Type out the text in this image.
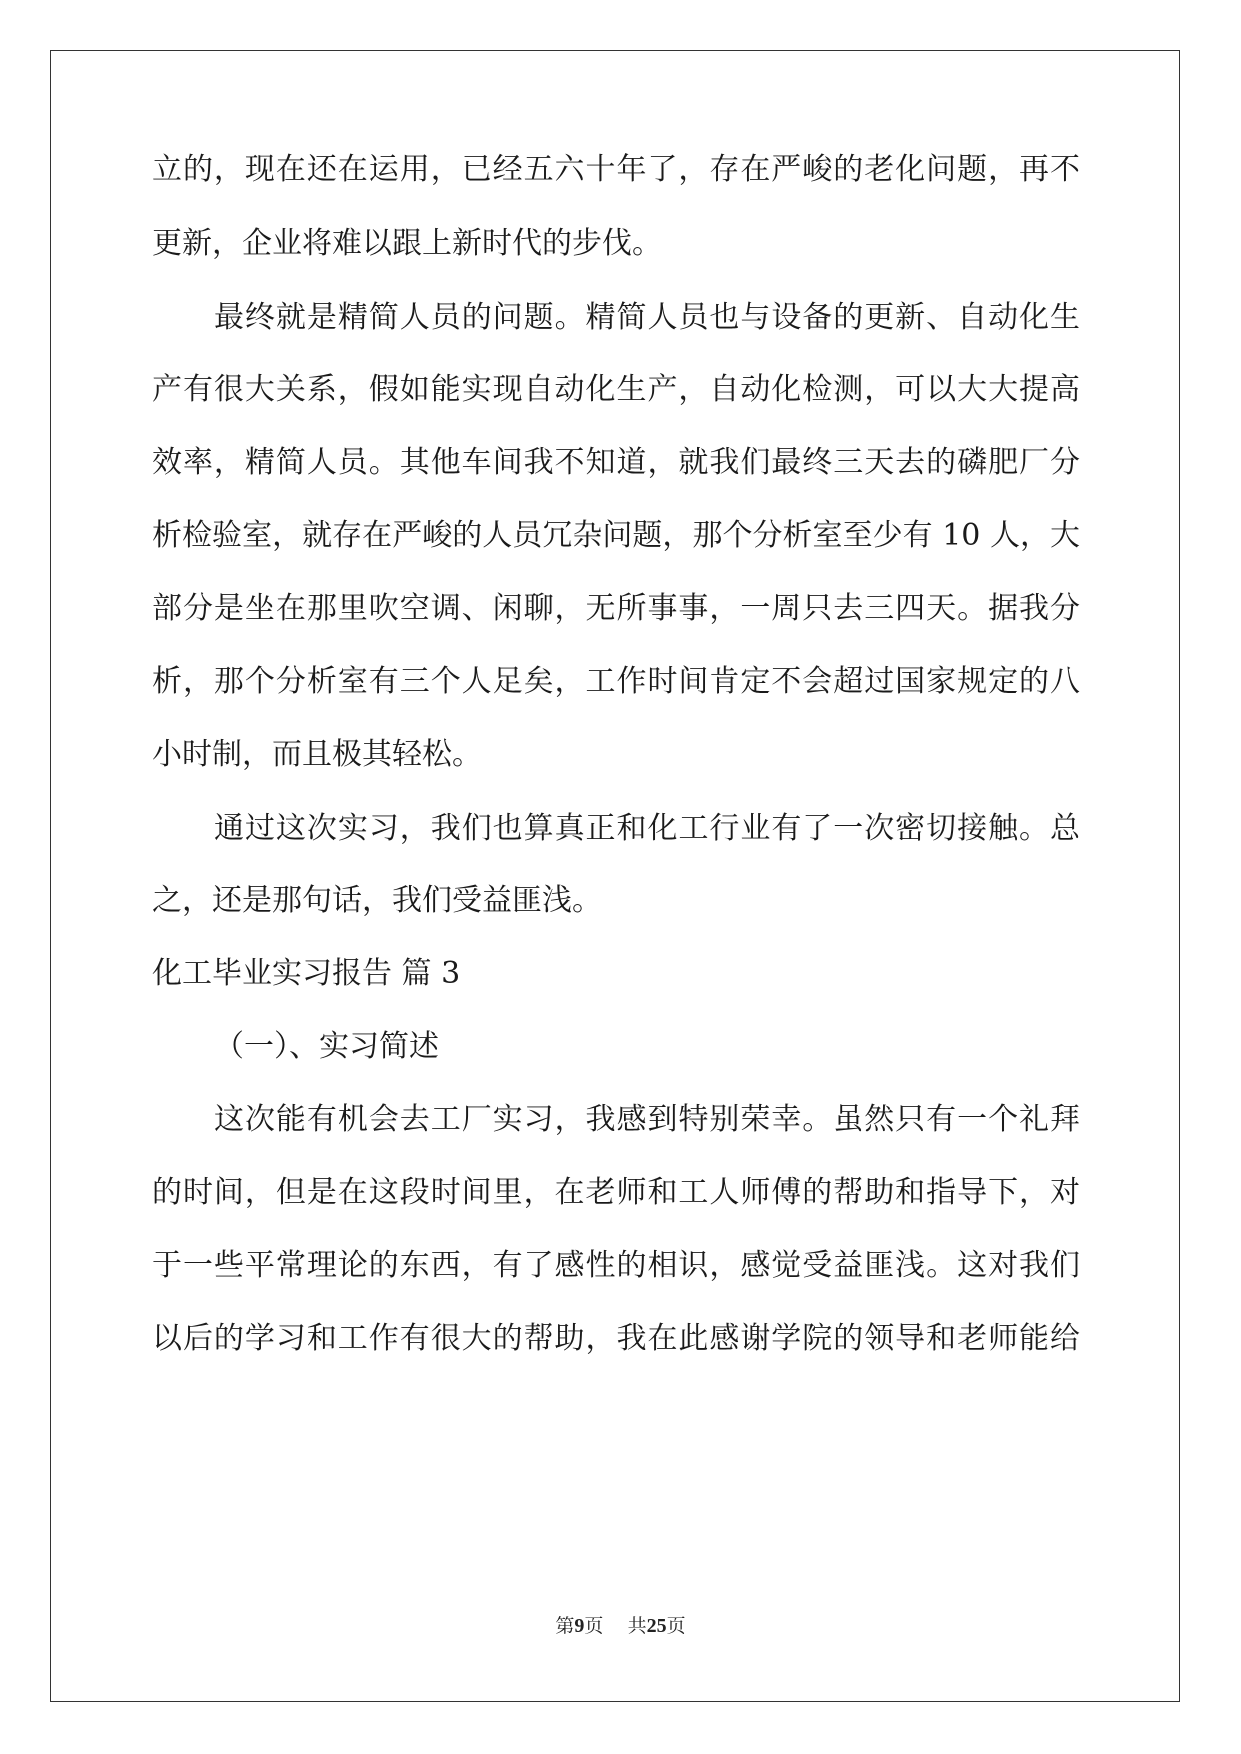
立的，现在还在运用，已经五六十年了，存在严峻的老化问题，再不
更新，企业将难以跟上新时代的步伐。
最终就是精简人员的问题。精简人员也与设备的更新、自动化生
产有很大关系，假如能实现自动化生产，自动化检测，可以大大提高
效率，精简人员。其他车间我不知道，就我们最终三天去的磷肥厂分
析检验室，就存在严峻的人员冗杂问题，那个分析室至少有 10 人，大
部分是坐在那里吹空调、闲聊，无所事事，一周只去三四天。据我分
析，那个分析室有三个人足矣，工作时间肯定不会超过国家规定的八
小时制，而且极其轻松。
通过这次实习，我们也算真正和化工行业有了一次密切接触。总
之，还是那句话，我们受益匪浅。
化工毕业实习报告 篇 3
（一）、实习简述
这次能有机会去工厂实习，我感到特别荣幸。虽然只有一个礼拜
的时间，但是在这段时间里，在老师和工人师傅的帮助和指导下，对
于一些平常理论的东西，有了感性的相识，感觉受益匪浅。这对我们
以后的学习和工作有很大的帮助，我在此感谢学院的领导和老师能给
第9页 共25页
